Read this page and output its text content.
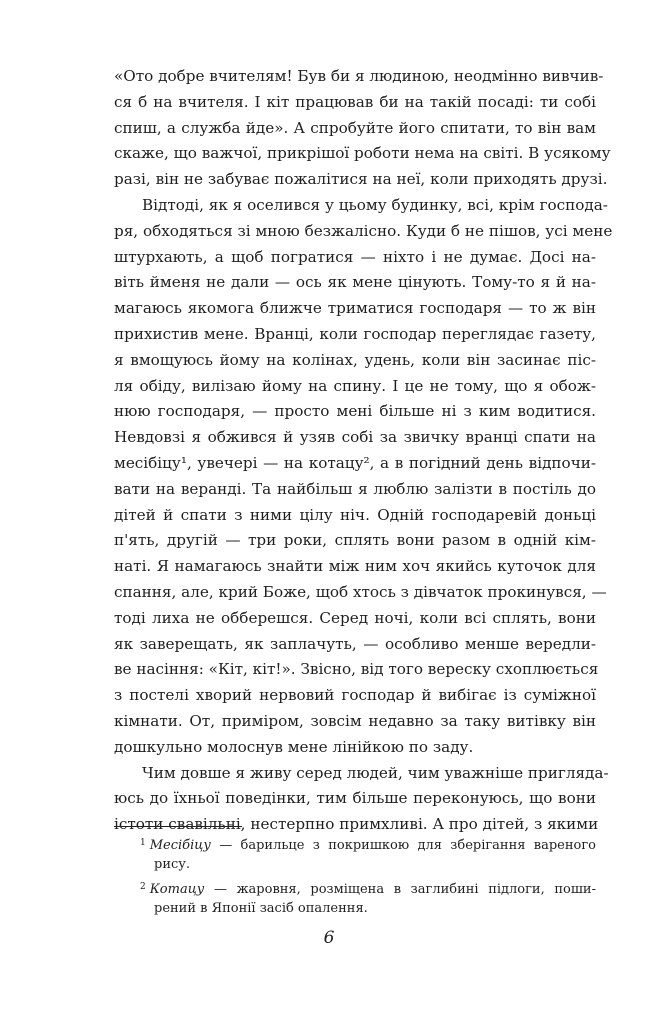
«Ото добре вчителям! Був би я людиною, неодмінно вивчив-
ся б на вчителя. І кіт працював би на такій посаді: ти собі
спиш, а служба йде». А спробуйте його спитати, то він вам
скаже, що важчої, прикрішої роботи нема на світі. В усякому
разі, він не забуває пожалітися на неї, коли приходять друзі.
Відтоді, як я оселився у цьому будинку, всі, крім господа-
ря, обходяться зі мною безжалісно. Куди б не пішов, усі мене
штурхають, а щоб погратися — ніхто і не думає. Досі на-
віть йменя не дали — ось як мене цінують. Тому-то я й на-
магаюсь якомога ближче триматися господаря — то ж він
прихистив мене. Вранці, коли господар переглядає газету,
я вмощуюсь йому на колінах, удень, коли він засинає піс-
ля обіду, вилізаю йому на спину. І це не тому, що я обож-
нюю господаря, — просто мені більше ні з ким водитися.
Невдовзі я обжився й узяв собі за звичку вранці спати на
месібіцу¹, увечері — на котацу², а в погідний день відпочи-
вати на веранді. Та найбільш я люблю залізти в постіль до
дітей й спати з ними цілу ніч. Одній господаревій доньці
п'ять, другій — три роки, сплять вони разом в одній кім-
наті. Я намагаюсь знайти між ним хоч якийсь куточок для
спання, але, крий Боже, щоб хтось з дівчаток прокинувся, —
тоді лиха не обберешся. Серед ночі, коли всі сплять, вони
як заверещать, як заплачуть, — особливо менше вередли-
ве насіння: «Кіт, кіт!». Звісно, від того вереску схоплюється
з постелі хворий нервовий господар й вибігає із суміжної
кімнати. От, приміром, зовсім недавно за таку витівку він
дошкульно молоснув мене лінійкою по заду.
Чим довше я живу серед людей, чим уважніше пригляда-
юсь до їхньої поведінки, тим більше переконуюсь, що вони
істоти свавільні, нестерпно примхливі. А про дітей, з якими
$^1$ Месібіцу — барильце з покришкою для зберігання вареного
рису.
$^2$ Котацу — жаровня, розміщена в заглибині підлоги, поши-
рений в Японії засіб опалення.
6
